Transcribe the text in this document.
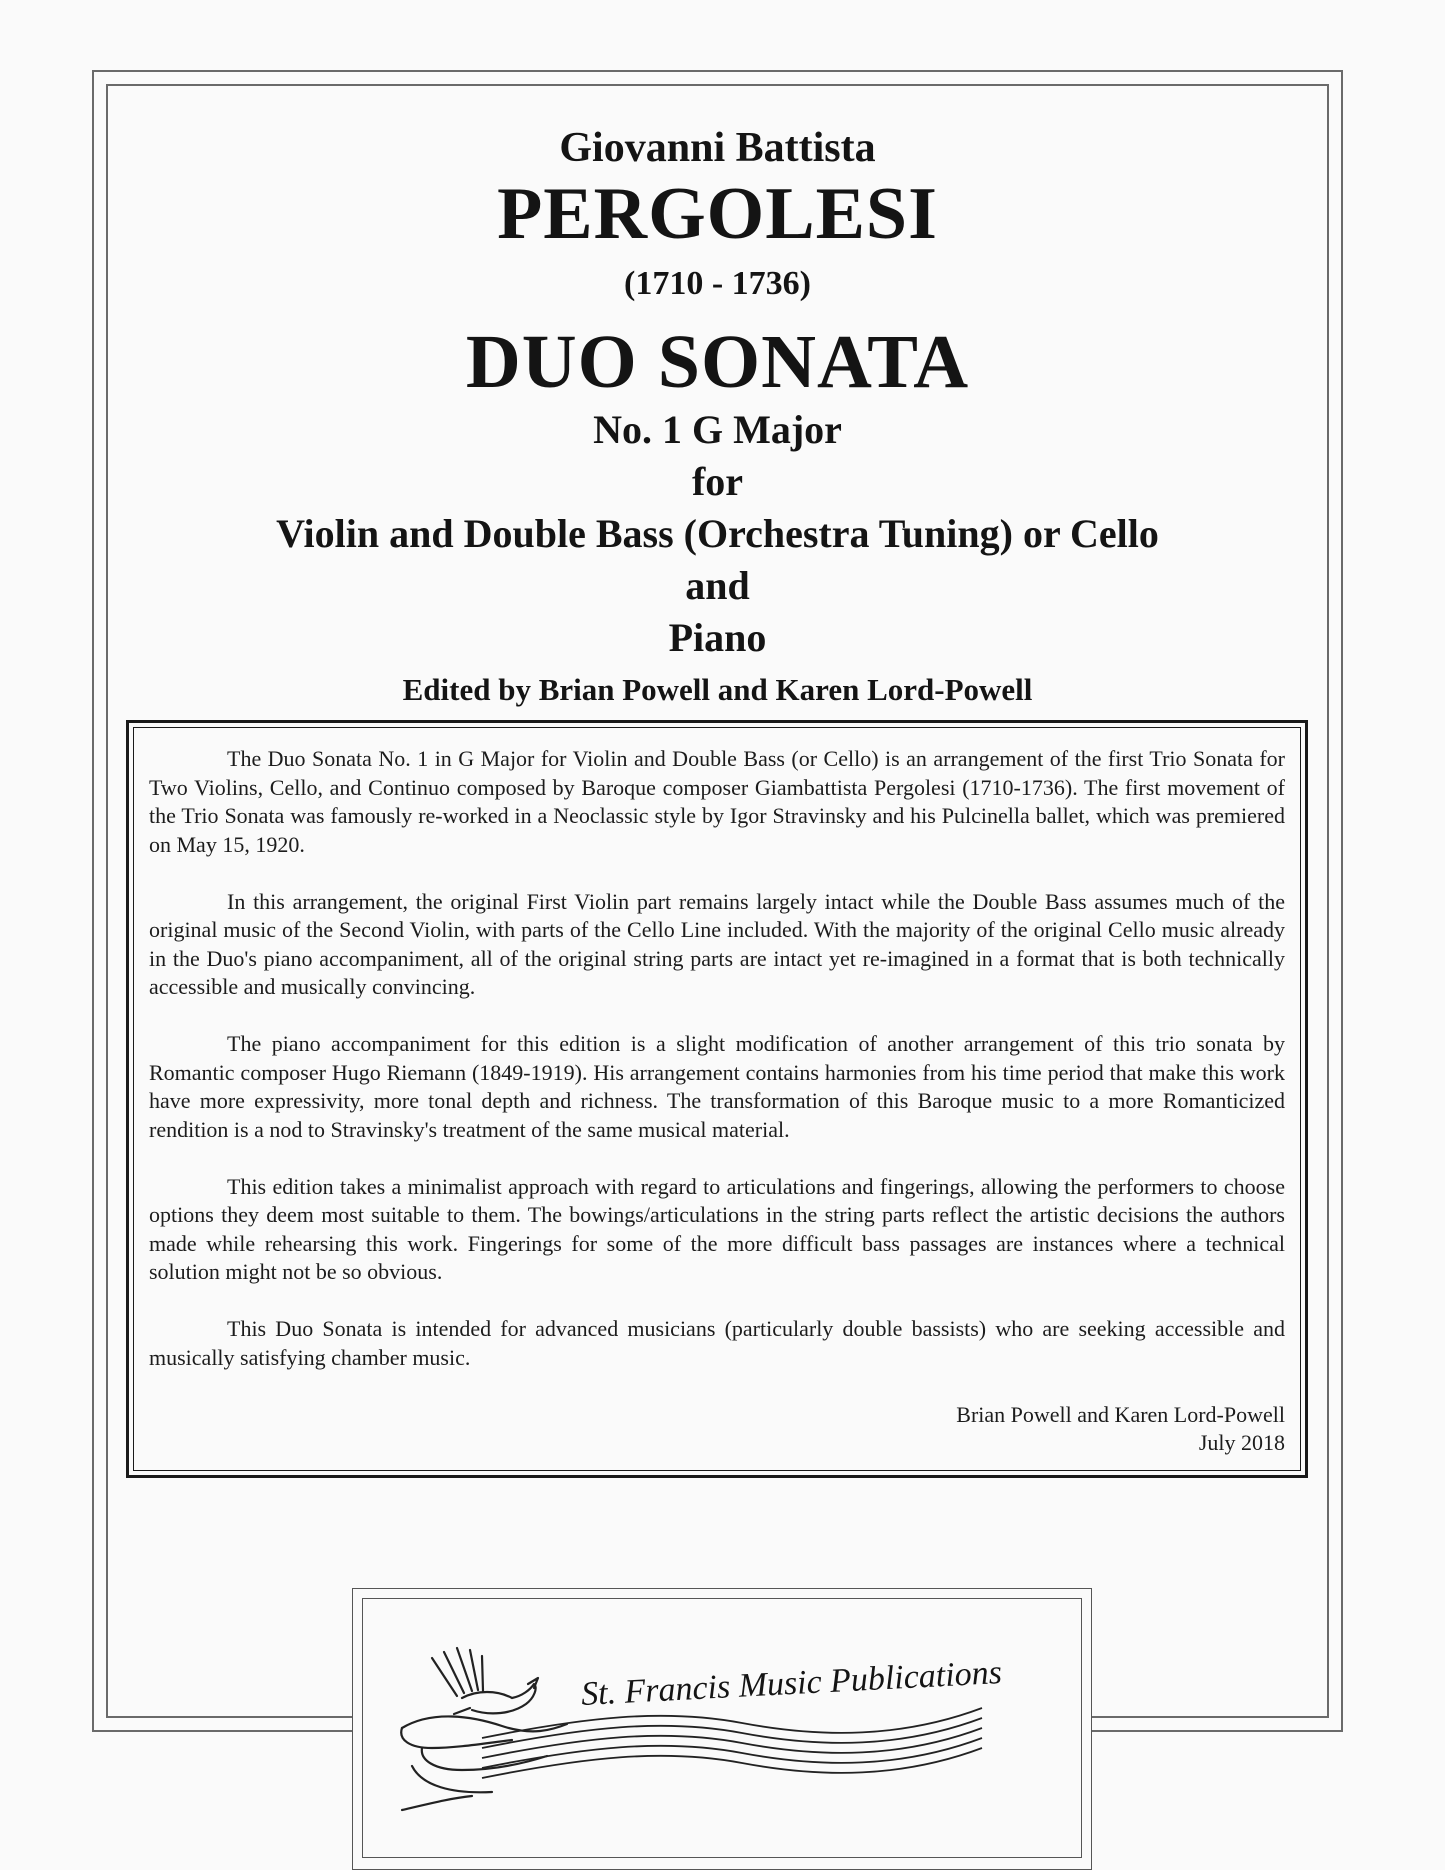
Giovanni Battista
PERGOLESI
(1710 - 1736)
DUO SONATA
No. 1 G Major
for
Violin and Double Bass (Orchestra Tuning) or Cello
and
Piano
Edited by Brian Powell and Karen Lord-Powell

The Duo Sonata No. 1 in G Major for Violin and Double Bass (or Cello) is an arrangement of the first Trio Sonata for Two Violins, Cello, and Continuo composed by Baroque composer Giambattista Pergolesi (1710-1736). The first movement of the Trio Sonata was famously re-worked in a Neoclassic style by Igor Stravinsky and his Pulcinella ballet, which was premiered on May 15, 1920.

In this arrangement, the original First Violin part remains largely intact while the Double Bass assumes much of the original music of the Second Violin, with parts of the Cello Line included. With the majority of the original Cello music already in the Duo's piano accompaniment, all of the original string parts are intact yet re-imagined in a format that is both technically accessible and musically convincing.

The piano accompaniment for this edition is a slight modification of another arrangement of this trio sonata by Romantic composer Hugo Riemann (1849-1919). His arrangement contains harmonies from his time period that make this work have more expressivity, more tonal depth and richness. The transformation of this Baroque music to a more Romanticized rendition is a nod to Stravinsky's treatment of the same musical material.

This edition takes a minimalist approach with regard to articulations and fingerings, allowing the performers to choose options they deem most suitable to them. The bowings/articulations in the string parts reflect the artistic decisions the authors made while rehearsing this work. Fingerings for some of the more difficult bass passages are instances where a technical solution might not be so obvious.

This Duo Sonata is intended for advanced musicians (particularly double bassists) who are seeking accessible and musically satisfying chamber music.

Brian Powell and Karen Lord-Powell
July 2018
St. Francis Music Publications
